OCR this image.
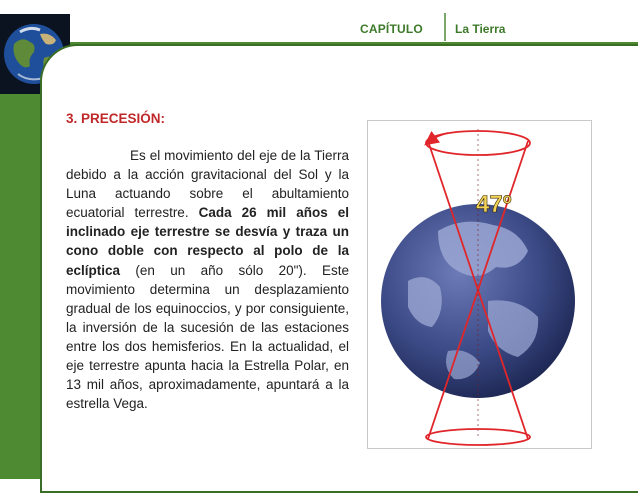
CAPÍTULO	La Tierra
3. PRECESIÓN:
Es el movimiento del eje de la Tierra debido a la acción gravitacional del Sol y la Luna actuando sobre el abultamiento ecuatorial terrestre. Cada 26 mil años el inclinado eje terrestre se desvía y traza un cono doble con respecto al polo de la eclíptica (en un año sólo 20"). Este movimiento determina un desplazamiento gradual de los equinoccios, y por consiguiente, la inversión de la sucesión de las estaciones entre los dos hemisferios. En la actualidad, el eje terrestre apunta hacia la Estrella Polar, en 13 mil años, aproximadamente, apuntará a la estrella Vega.
47º
